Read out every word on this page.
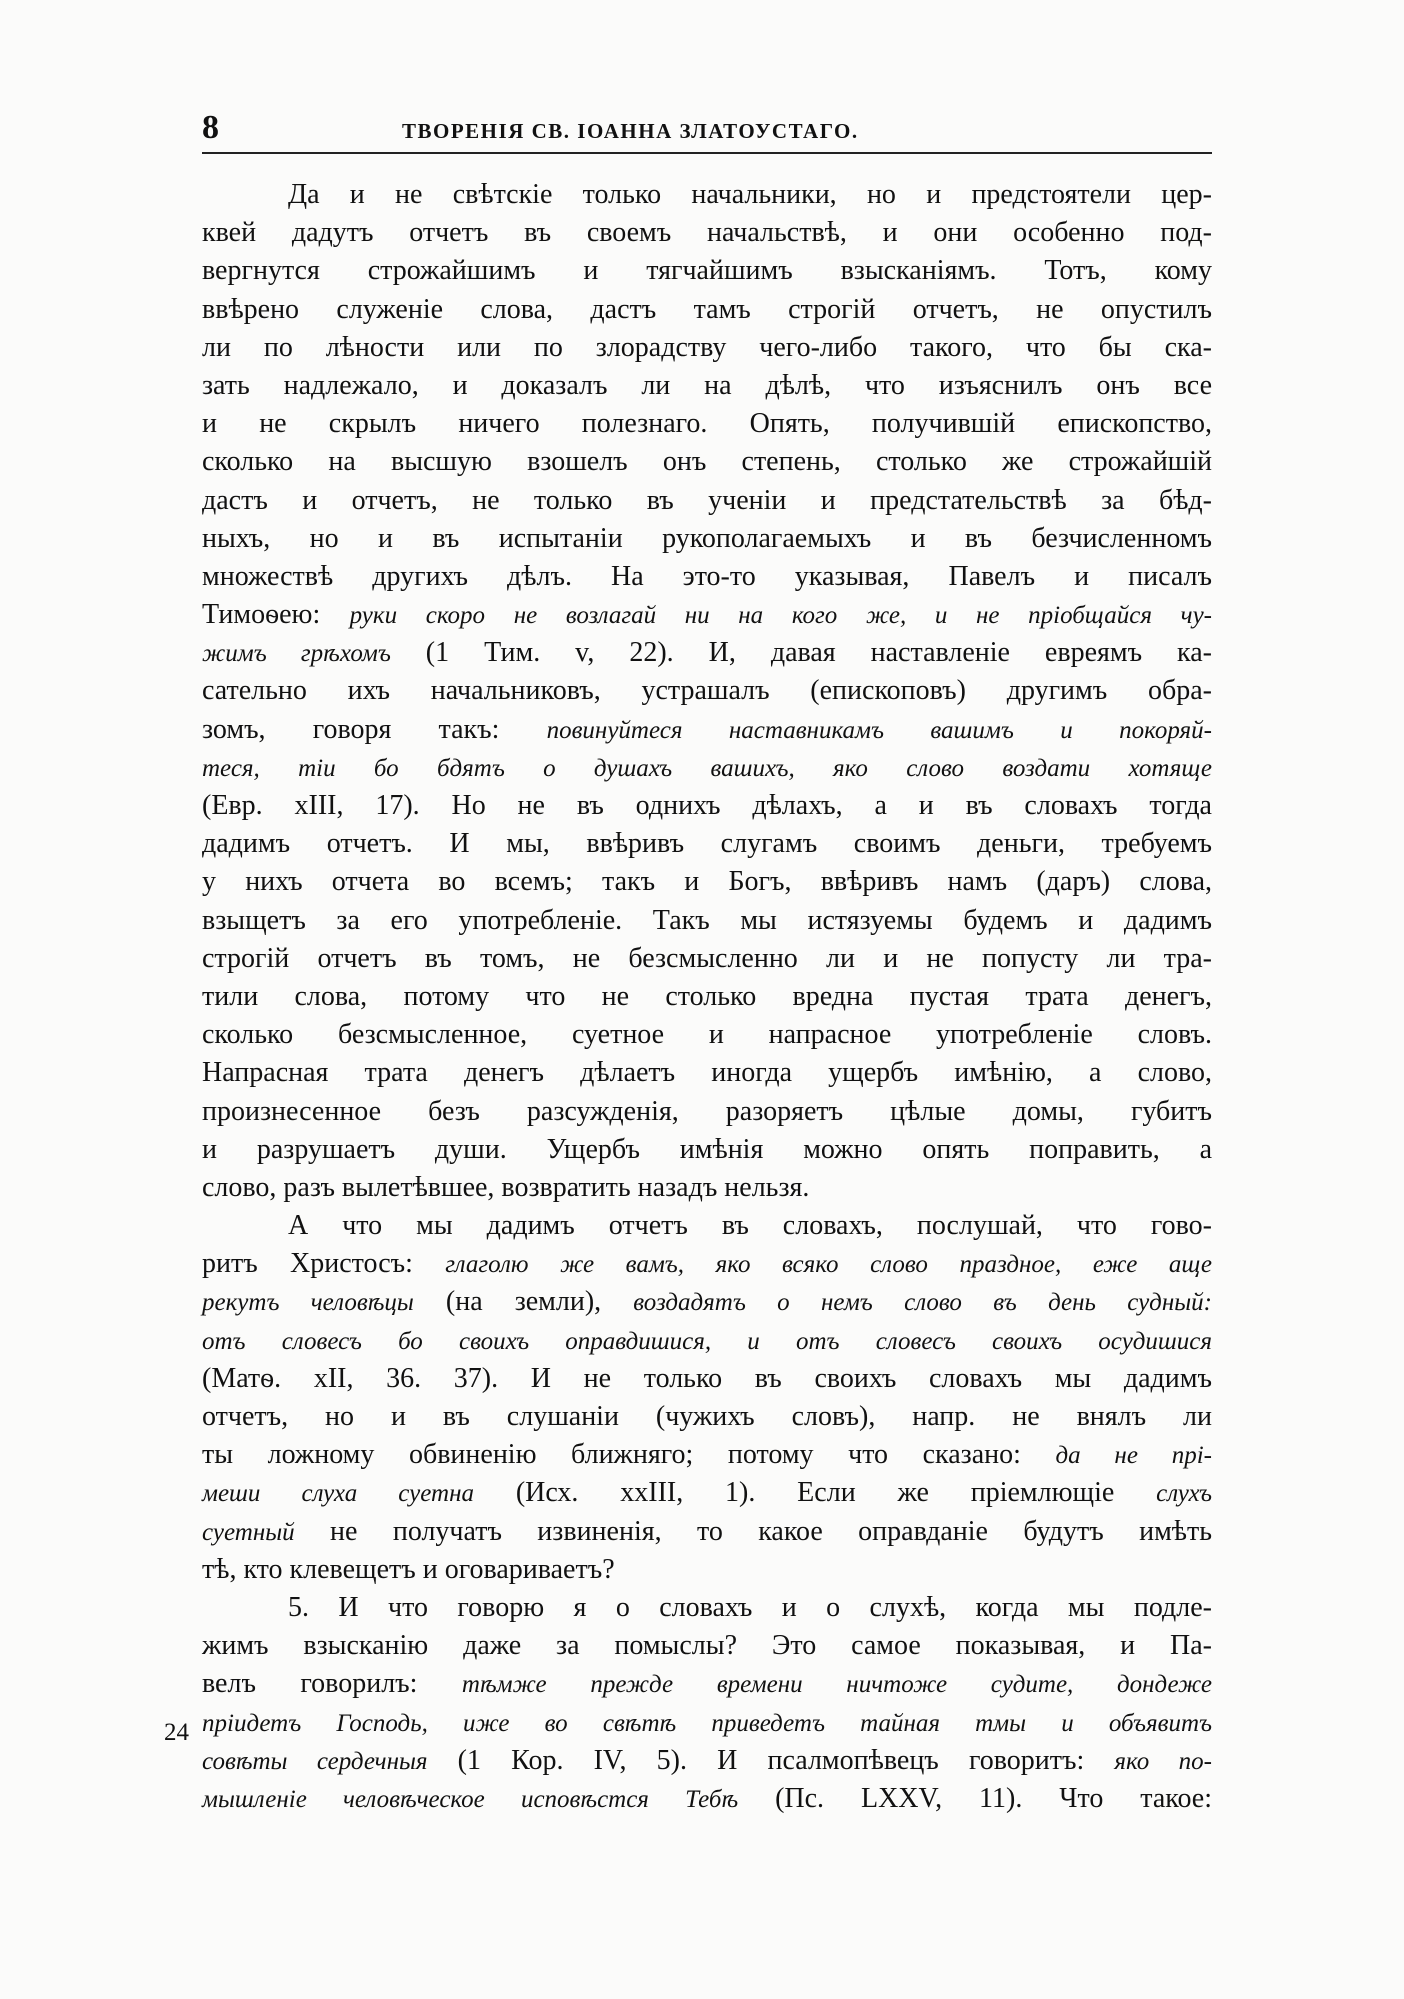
8	ТВОРЕНІЯ СВ. ІОАННА ЗЛАТОУСТАГО.
Да и не свѣтскіе только начальники, но и предстоятели цер-
квей дадутъ отчетъ въ своемъ начальствѣ, и они особенно под-
вергнутся строжайшимъ и тягчайшимъ взысканіямъ. Тотъ, кому
ввѣрено служеніе слова, дастъ тамъ строгій отчетъ, не опустилъ
ли по лѣности или по злорадству чего-либо такого, что бы ска-
зать надлежало, и доказалъ ли на дѣлѣ, что изъяснилъ онъ все
и не скрылъ ничего полезнаго. Опять, получившій епископство,
сколько на высшую взошелъ онъ степень, столько же строжайшій
дастъ и отчетъ, не только въ ученіи и предстательствѣ за бѣд-
ныхъ, но и въ испытаніи рукополагаемыхъ и въ безчисленномъ
множествѣ другихъ дѣлъ. На это-то указывая, Павелъ и писалъ
Тимоѳею: руки скоро не возлагай ни на кого же, и не пріобщайся чу-
жимъ грѣхомъ (1 Тим. v, 22). И, давая наставленіе евреямъ ка-
сательно ихъ начальниковъ, устрашалъ (епископовъ) другимъ обра-
зомъ, говоря такъ: повинуйтеся наставникамъ вашимъ и покоряй-
теся, тіи бо бдятъ о душахъ вашихъ, яко слово воздати хотяще
(Евр. xIII, 17). Но не въ однихъ дѣлахъ, а и въ словахъ тогда
дадимъ отчетъ. И мы, ввѣривъ слугамъ своимъ деньги, требуемъ
у нихъ отчета во всемъ; такъ и Богъ, ввѣривъ намъ (даръ) слова,
взыщетъ за его употребленіе. Такъ мы истязуемы будемъ и дадимъ
строгій отчетъ въ томъ, не безсмысленно ли и не попусту ли тра-
тили слова, потому что не столько вредна пустая трата денегъ,
сколько безсмысленное, суетное и напрасное употребленіе словъ.
Напрасная трата денегъ дѣлаетъ иногда ущербъ имѣнію, а слово,
произнесенное безъ разсужденія, разоряетъ цѣлые домы, губитъ
и разрушаетъ души. Ущербъ имѣнія можно опять поправить, а
слово, разъ вылетѣвшее, возвратить назадъ нельзя.
А что мы дадимъ отчетъ въ словахъ, послушай, что гово-
ритъ Христосъ: глаголю же вамъ, яко всяко слово праздное, еже аще
рекутъ человѣцы (на земли), воздадятъ о немъ слово въ день судный:
отъ словесъ бо своихъ оправдишися, и отъ словесъ своихъ осудишися
(Матѳ. xII, 36. 37). И не только въ своихъ словахъ мы дадимъ
отчетъ, но и въ слушаніи (чужихъ словъ), напр. не внялъ ли
ты ложному обвиненію ближняго; потому что сказано: да не прі-
мешu слуха суетна (Исх. xxIII, 1). Если же пріемлющіе слухъ
суетный не получатъ извиненія, то какое оправданіе будутъ имѣть
тѣ, кто клевещетъ и оговариваетъ?
5. И что говорю я о словахъ и о слухѣ, когда мы подле-
жимъ взысканію даже за помыслы? Это самое показывая, и Па-
велъ говорилъ: тѣмже прежде времени ничтоже судите, дондеже
пріидетъ Господь, иже во свѣтѣ приведетъ тайная тмы и объявитъ
совѣты сердечныя (1 Кор. IV, 5). И псалмопѣвецъ говоритъ: яко по-
мышленіе человѣческое исповѣстся Тебѣ (Пс. LXXV, 11). Что такое:
24
